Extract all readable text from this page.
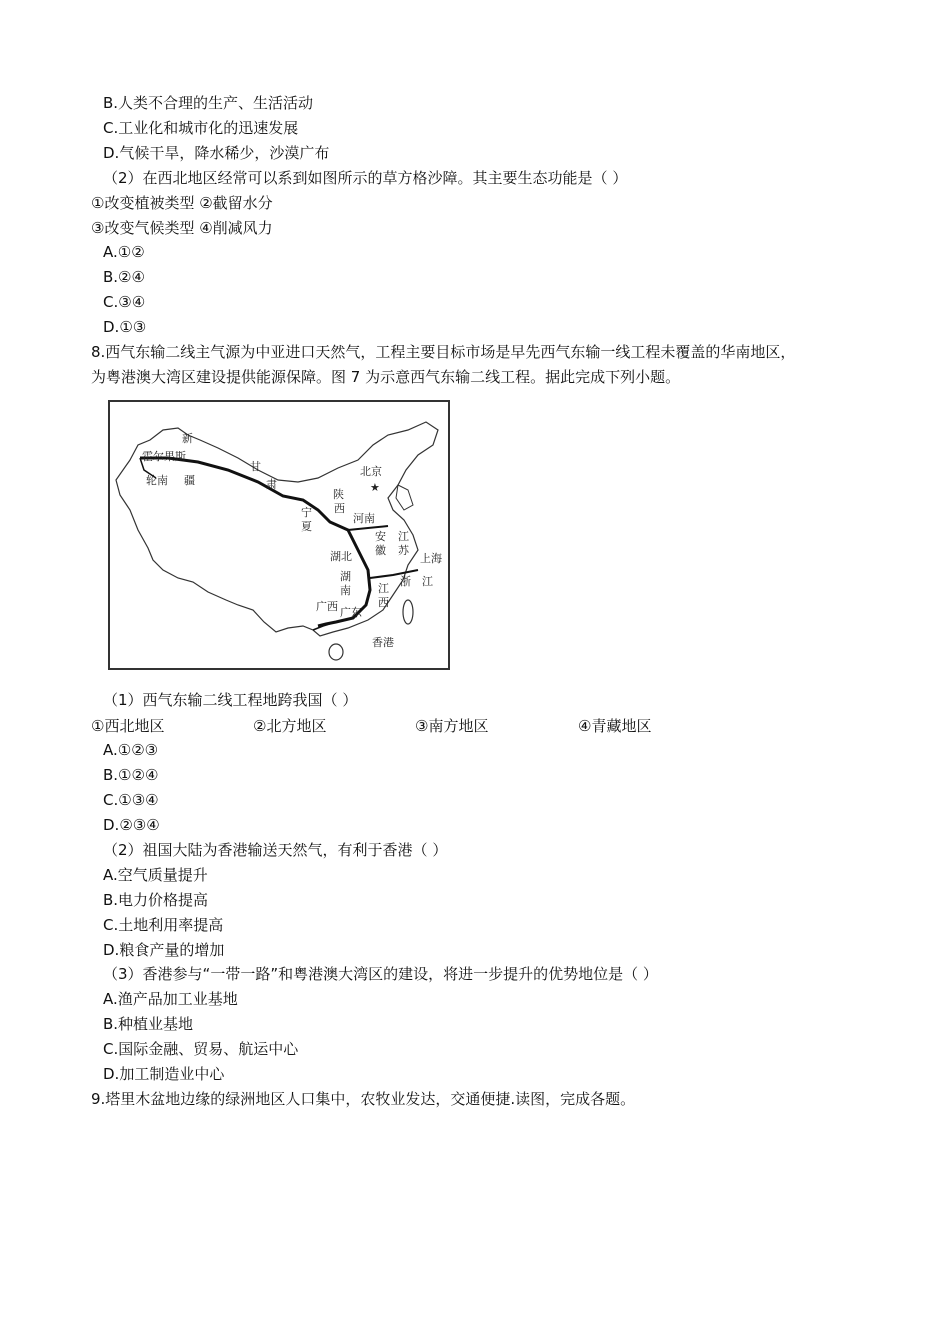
B.人类不合理的生产、生活活动
C.工业化和城市化的迅速发展
D.气候干旱，降水稀少，沙漠广布
（2）在西北地区经常可以系到如图所示的草方格沙障。其主要生态功能是（ ）
①改变植被类型 ②截留水分
③改变气候类型 ④削减风力
A.①②
B.②④
C.③④
D.①③
8.西气东输二线主气源为中亚进口天然气，工程主要目标市场是早先西气东输一线工程未覆盖的华南地区，
为粤港澳大湾区建设提供能源保障。图 7 为示意西气东输二线工程。据此完成下列小题。
★
新
霍尔果斯
轮南 疆
甘
肃
北京
陕
西
宁
夏
河南
安
徽
江
苏
上海
湖北
湖
南
浙 江
江
西
广西 广东
香港
（1）西气东输二线工程地跨我国（ ）
①西北地区	②北方地区	③南方地区	④青藏地区
A.①②③
B.①②④
C.①③④
D.②③④
（2）祖国大陆为香港输送天然气，有利于香港（ ）
A.空气质量提升
B.电力价格提高
C.土地利用率提高
D.粮食产量的增加
（3）香港参与“一带一路”和粤港澳大湾区的建设，将进一步提升的优势地位是（ ）
A.渔产品加工业基地
B.种植业基地
C.国际金融、贸易、航运中心
D.加工制造业中心
9.塔里木盆地边缘的绿洲地区人口集中，农牧业发达，交通便捷.读图，完成各题。
